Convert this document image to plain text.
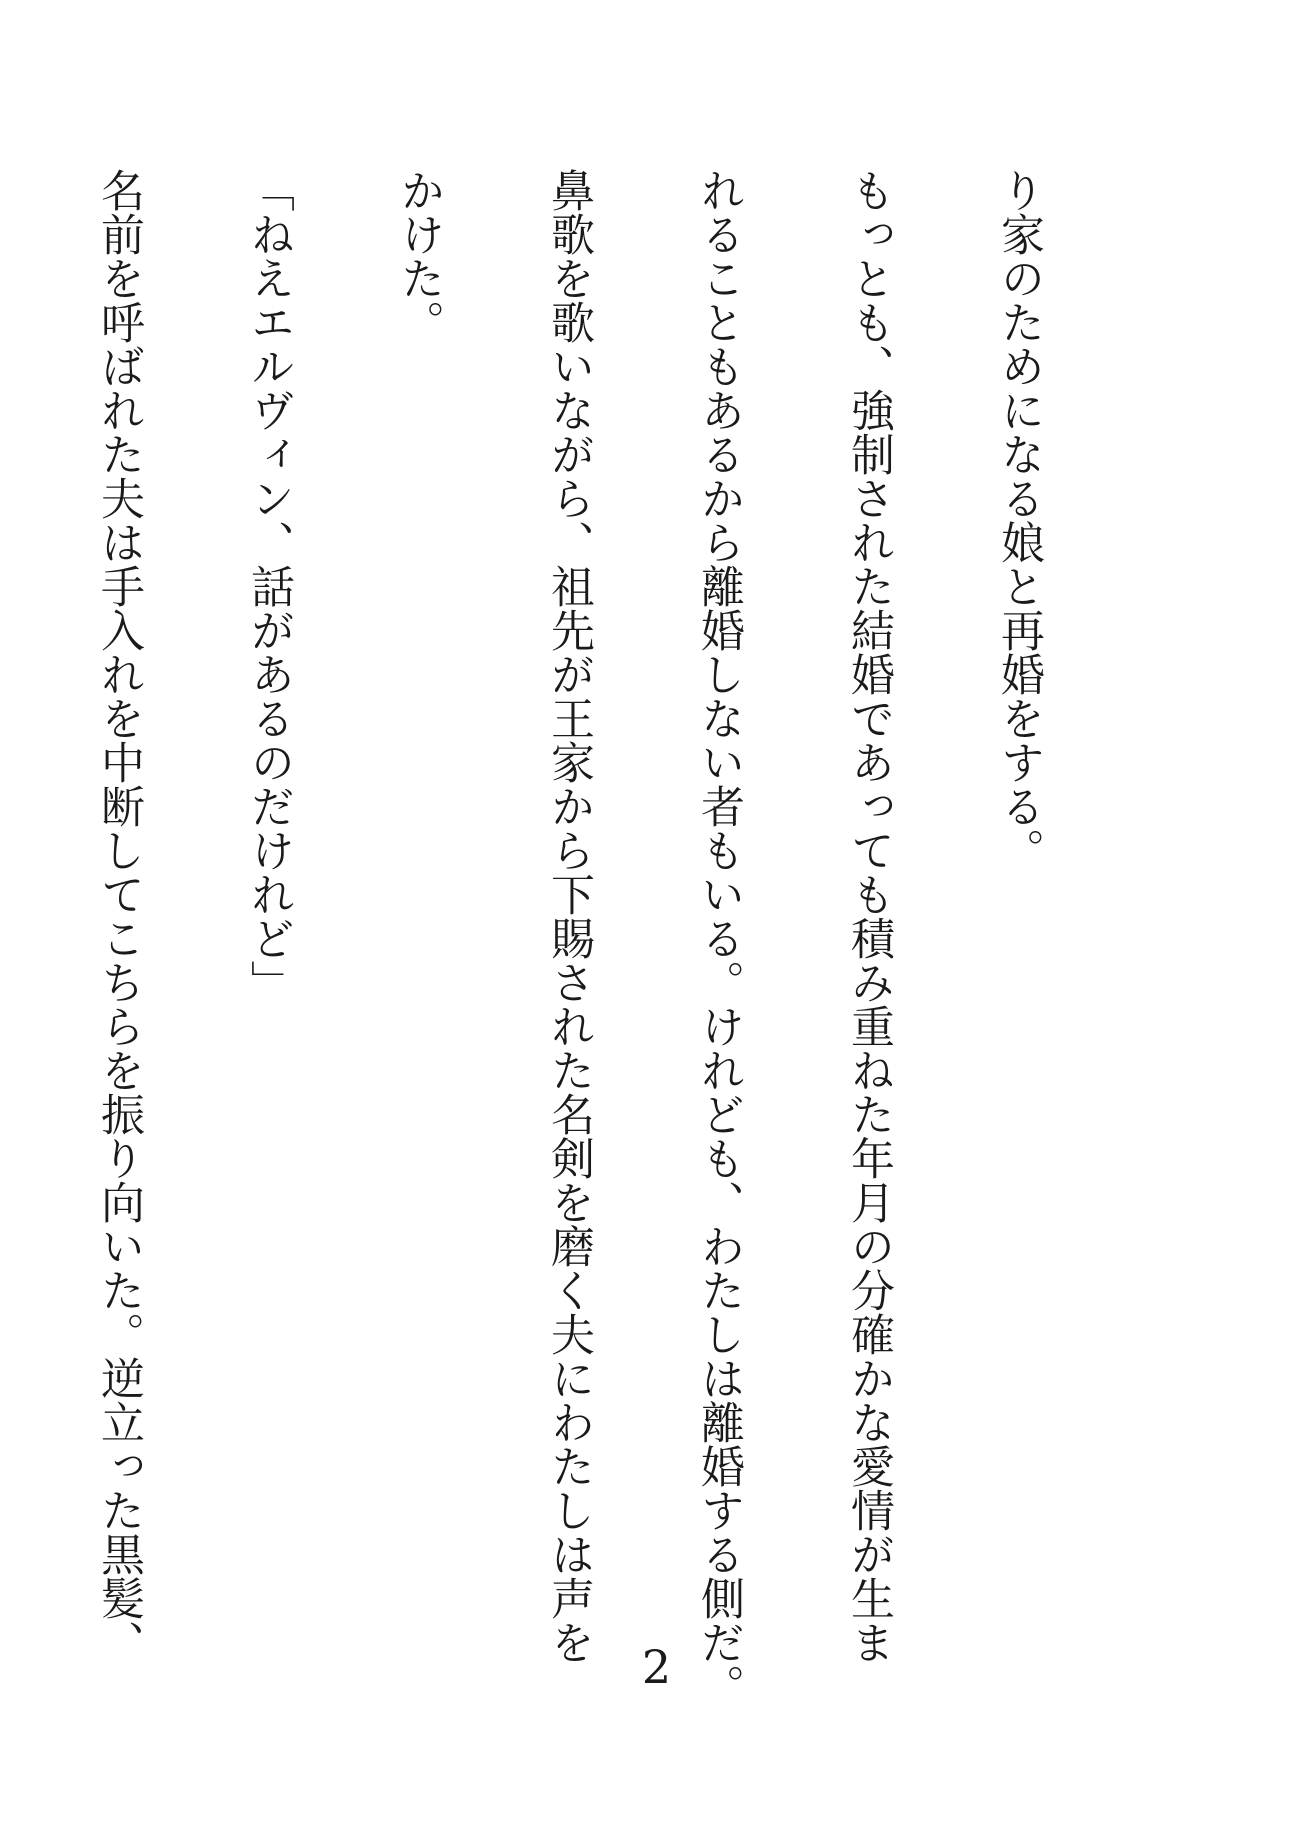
り家のためになる娘と再婚をする。
もっとも、強制された結婚であっても積み重ねた年月の分確かな愛情が生ま
れることもあるから離婚しない者もいる。けれども、わたしは離婚する側だ。
鼻歌を歌いながら、祖先が王家から下賜された名剣を磨く夫にわたしは声を
かけた。
「ねえエルヴィン、話があるのだけれど」
名前を呼ばれた夫は手入れを中断してこちらを振り向いた。逆立った黒髪、
2
